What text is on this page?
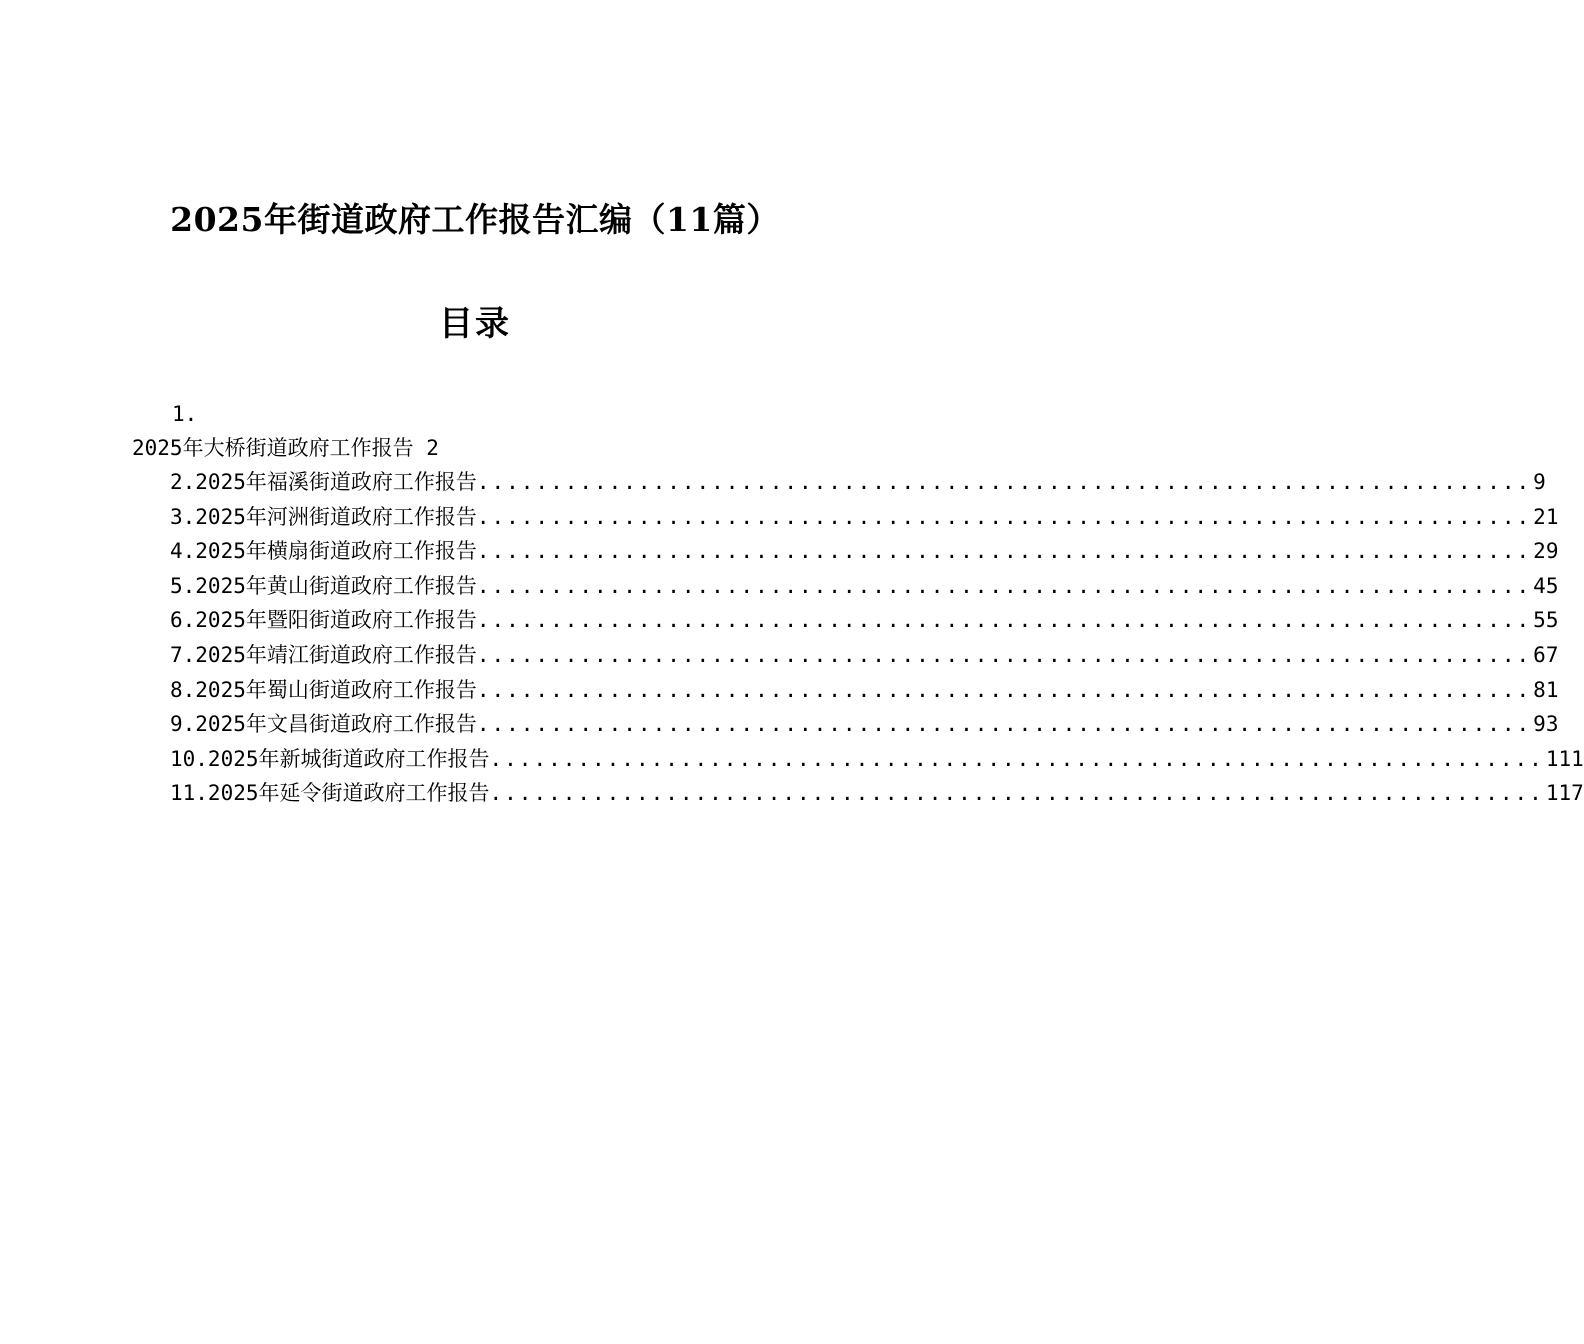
2025年街道政府工作报告汇编（11篇）
目录
1.
2025年大桥街道政府工作报告 2
2.2025年福溪街道政府工作报告 ........................................................................ 9
3.2025年河洲街道政府工作报告 ........................................................................ 21
4.2025年横扇街道政府工作报告 ........................................................................ 29
5.2025年黄山街道政府工作报告 ........................................................................ 45
6.2025年暨阳街道政府工作报告 ........................................................................ 55
7.2025年靖江街道政府工作报告 ........................................................................ 67
8.2025年蜀山街道政府工作报告 ........................................................................ 81
9.2025年文昌街道政府工作报告 ........................................................................ 93
10.2025年新城街道政府工作报告 ........................................................................ 111
11.2025年延令街道政府工作报告 ........................................................................ 117
